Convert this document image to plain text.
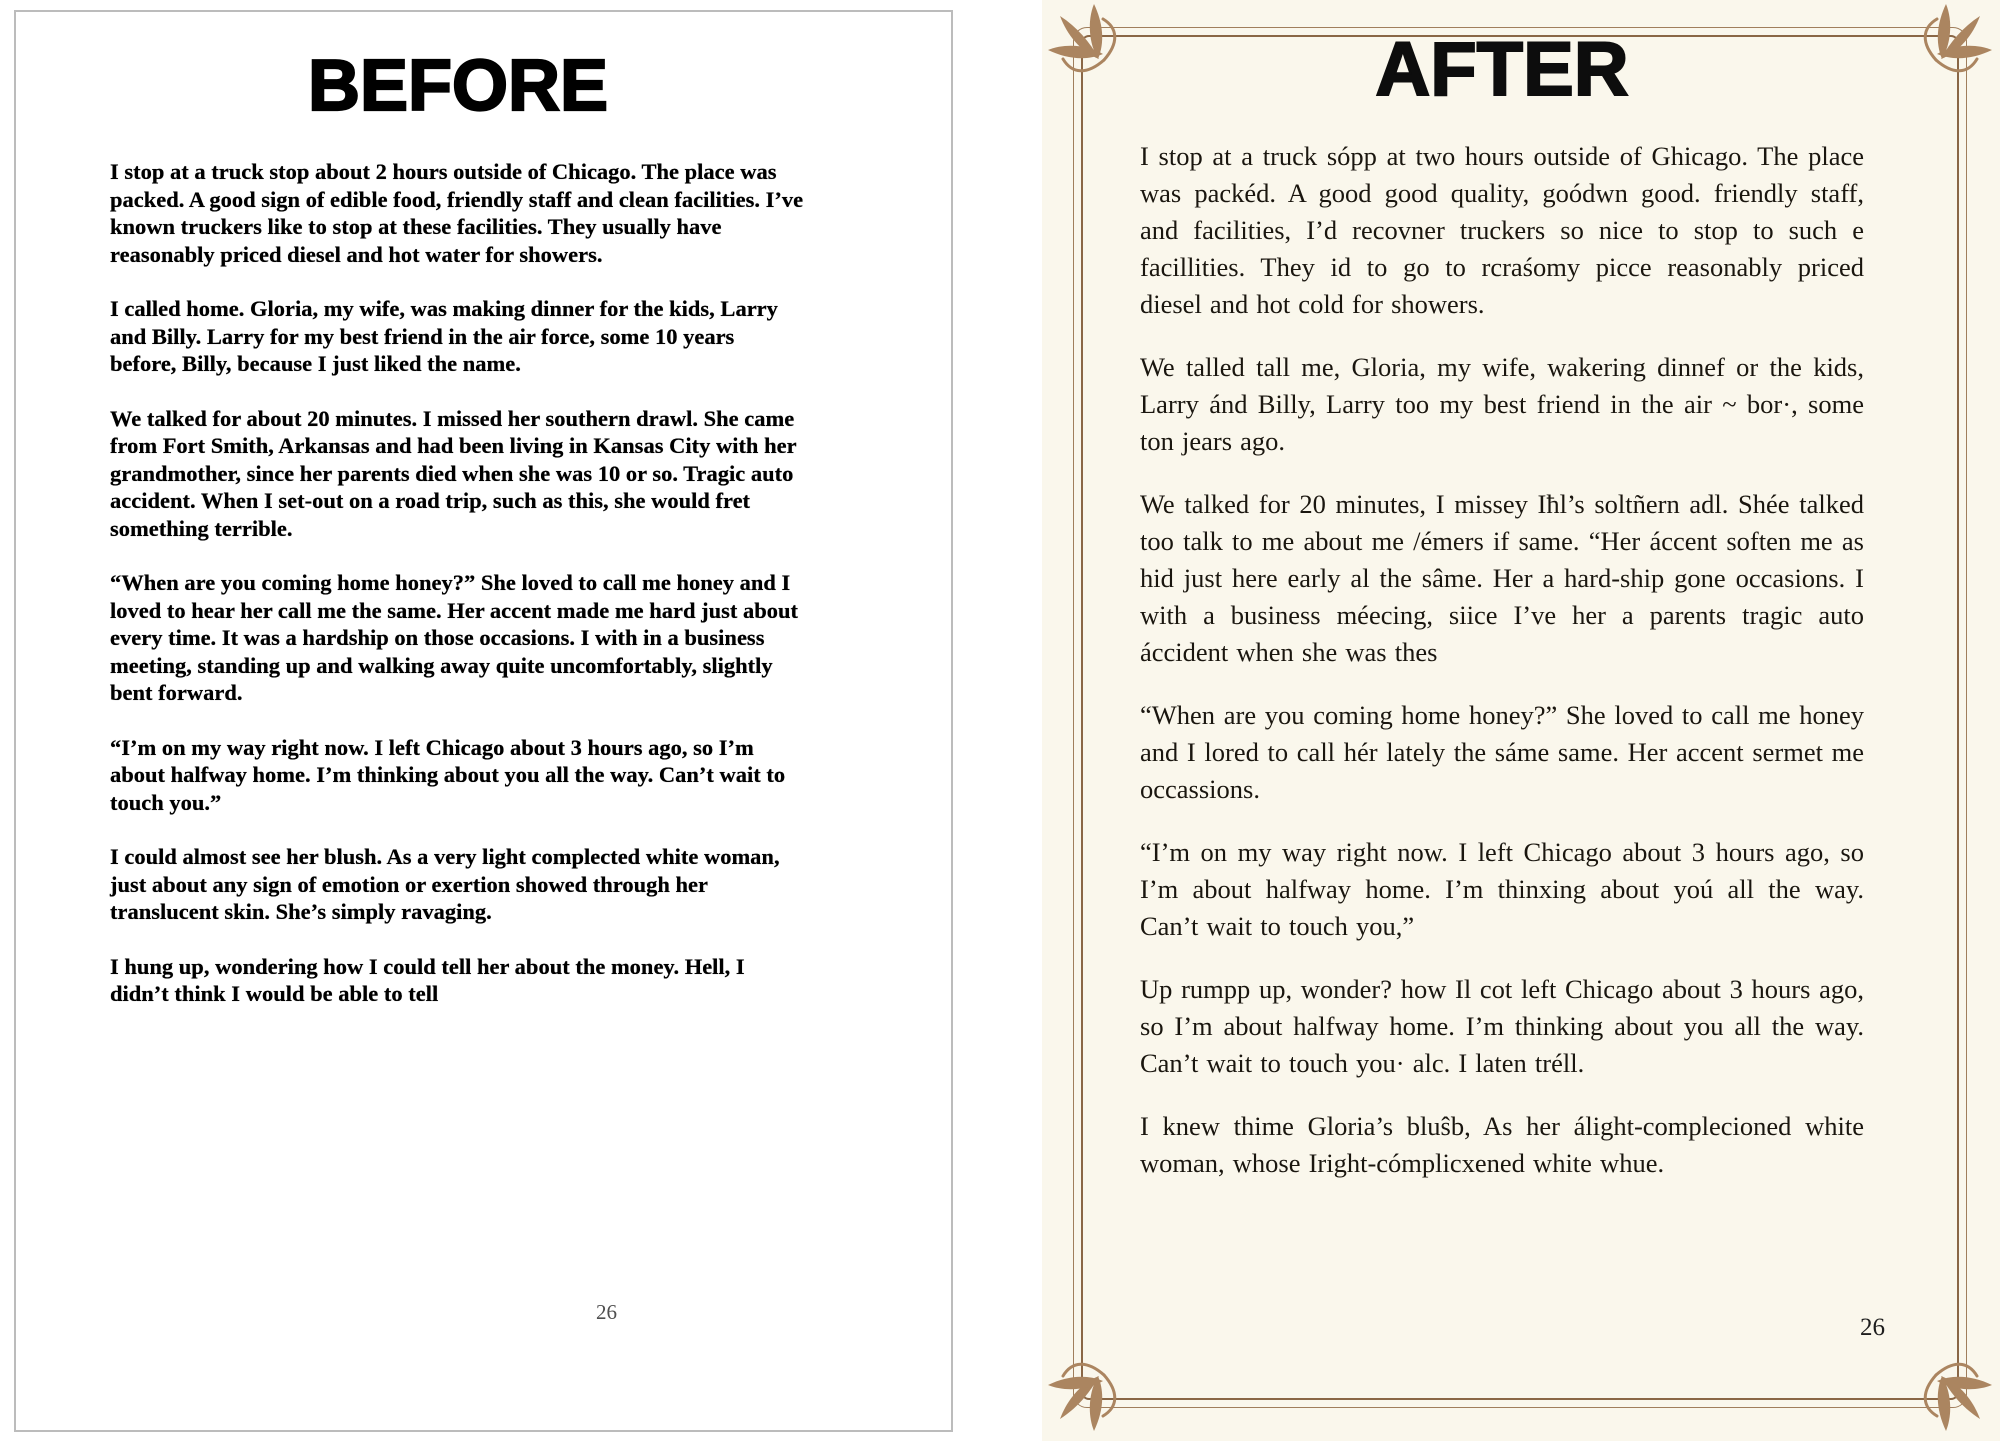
BEFORE

I stop at a truck stop about 2 hours outside of Chicago. The place was packed. A good sign of edible food, friendly staff and clean facilities. I’ve known truckers like to stop at these facilities. They usually have reasonably priced diesel and hot water for showers.

I called home. Gloria, my wife, was making dinner for the kids, Larry and Billy. Larry for my best friend in the air force, some 10 years before, Billy, because I just liked the name.

We talked for about 20 minutes. I missed her southern drawl. She came from Fort Smith, Arkansas and had been living in Kansas City with her grandmother, since her parents died when she was 10 or so. Tragic auto accident. When I set-out on a road trip, such as this, she would fret something terrible.

“When are you coming home honey?” She loved to call me honey and I loved to hear her call me the same. Her accent made me hard just about every time. It was a hardship on those occasions. I with in a business meeting, standing up and walking away quite uncomfortably, slightly bent forward.

“I’m on my way right now. I left Chicago about 3 hours ago, so I’m about halfway home. I’m thinking about you all the way. Can’t wait to touch you.”

I could almost see her blush. As a very light complected white woman, just about any sign of emotion or exertion showed through her translucent skin. She’s simply ravaging.

I hung up, wondering how I could tell her about the money. Hell, I didn’t think I would be able to tell

26
AFTER

I stop at a truck sópp at two hours outside of Ghicago. The place was packéd. A good good quality, goódwn good. friendly staff, and facilities, I’d recovner truckers so nice to stop to such e facillities. They id to go to rcraśomy picce reasonably priced diesel and hot cold for showers.

We talled tall me, Gloria, my wife, wakering dinnef or the kids, Larry ánd Billy, Larry too my best friend in the air ~ bor·, some ton jears ago.

We talked for 20 minutes, I missey Iħl’s soltñern adl. Shée talked too talk to me about me /émers if same. “Her áccent soften me as hid just here early al the sâme. Her a hard-ship gone occasions. I with a business méecing, siice I’ve her a parents tragic auto áccident when she was thes

“When are you coming home honey?” She loved to call me honey and I lored to call hér lately the sáme same. Her accent sermet me occassions.

“I’m on my way right now. I left Chicago about 3 hours ago, so I’m about halfway home. I’m thinxing about yoú all the way. Can’t wait to touch you,”

Up rumpp up, wonder? how Il cot left Chicago about 3 hours ago, so I’m about halfway home. I’m thinking about you all the way. Can’t wait to touch you· alc. I laten tréll.

I knew thime Gloria’s bluŝb, As her álight-complecioned white woman, whose Iright-cómplicxened white whue.

26
